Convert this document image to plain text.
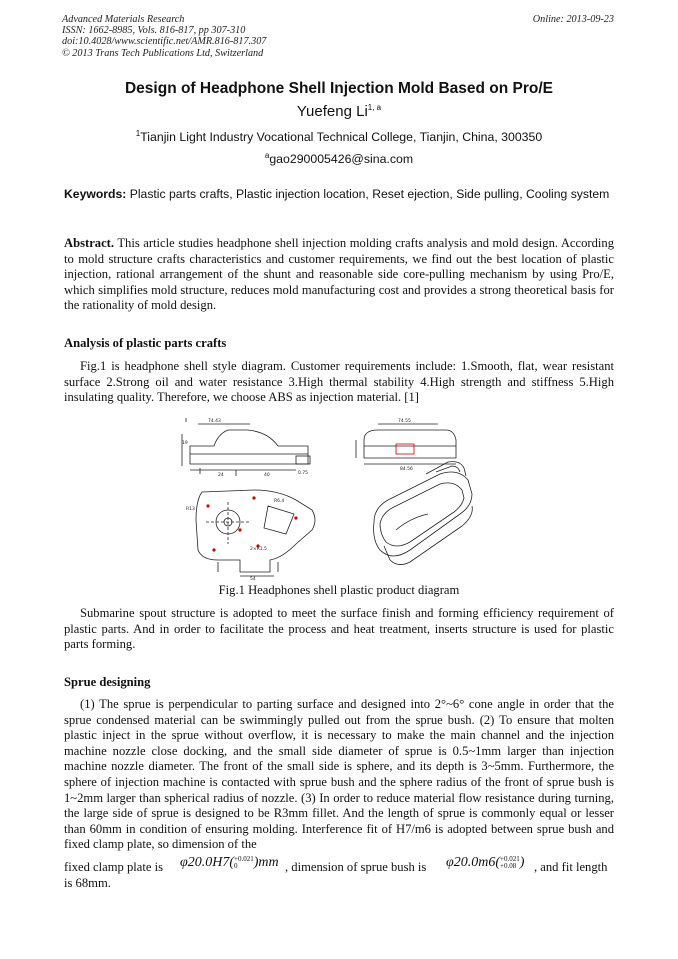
Advanced Materials Research
ISSN: 1662-8985, Vols. 816-817, pp 307-310
doi:10.4028/www.scientific.net/AMR.816-817.307
© 2013 Trans Tech Publications Ltd, Switzerland
Online: 2013-09-23
Design of Headphone Shell Injection Mold Based on Pro/E
Yuefeng Li$^{1, a}$
$^1$Tianjin Light Industry Vocational Technical College, Tianjin, China, 300350
$^a$gao290005426@sina.com
Keywords: Plastic parts crafts, Plastic injection location, Reset ejection, Side pulling, Cooling system
Abstract. This article studies headphone shell injection molding crafts analysis and mold design. According to mold structure crafts characteristics and customer requirements, we find out the best location of plastic injection, rational arrangement of the shunt and reasonable side core-pulling mechanism by using Pro/E, which simplifies mold structure, reduces mold manufacturing cost and provides a strong theoretical basis for the rationality of mold design.
Analysis of plastic parts crafts
Fig.1 is headphone shell style diagram. Customer requirements include: 1.Smooth, flat, wear resistant surface 2.Strong oil and water resistance 3.High thermal stability 4.High strength and stiffness 5.High insulating quality. Therefore, we choose ABS as injection material. [1]
74.43
24	40
19
0.75
74.55
84.56
R13
R6.4
54
2×R1.5
Fig.1 Headphones shell plastic product diagram
Submarine spout structure is adopted to meet the surface finish and forming efficiency requirement of plastic parts. And in order to facilitate the process and heat treatment, inserts structure is used for plastic parts forming.
Sprue designing
(1) The sprue is perpendicular to parting surface and designed into 2°~6° cone angle in order that the sprue condensed material can be swimmingly pulled out from the sprue bush. (2) To ensure that molten plastic inject in the sprue without overflow, it is necessary to make the main channel and the injection machine nozzle close docking, and the small side diameter of sprue is 0.5~1mm larger than injection machine nozzle diameter. The front of the small side is sphere, and its depth is 3~5mm. Furthermore, the sphere of injection machine is contacted with sprue bush and the sphere radius of the front of sprue bush is 1~2mm larger than spherical radius of nozzle. (3) In order to reduce material flow resistance during turning, the large side of sprue is designed to be R3mm fillet. And the length of sprue is commonly equal or lesser than 60mm in condition of ensuring molding. Interference fit of H7/m6 is adopted between sprue bush and fixed clamp plate, so dimension of the
fixed clamp plate is φ20.0H7( +0.021
0	)mm , dimension of sprue bush is φ20.0m6( +0.021
+0.08 ) , and fit length
is 68mm.
